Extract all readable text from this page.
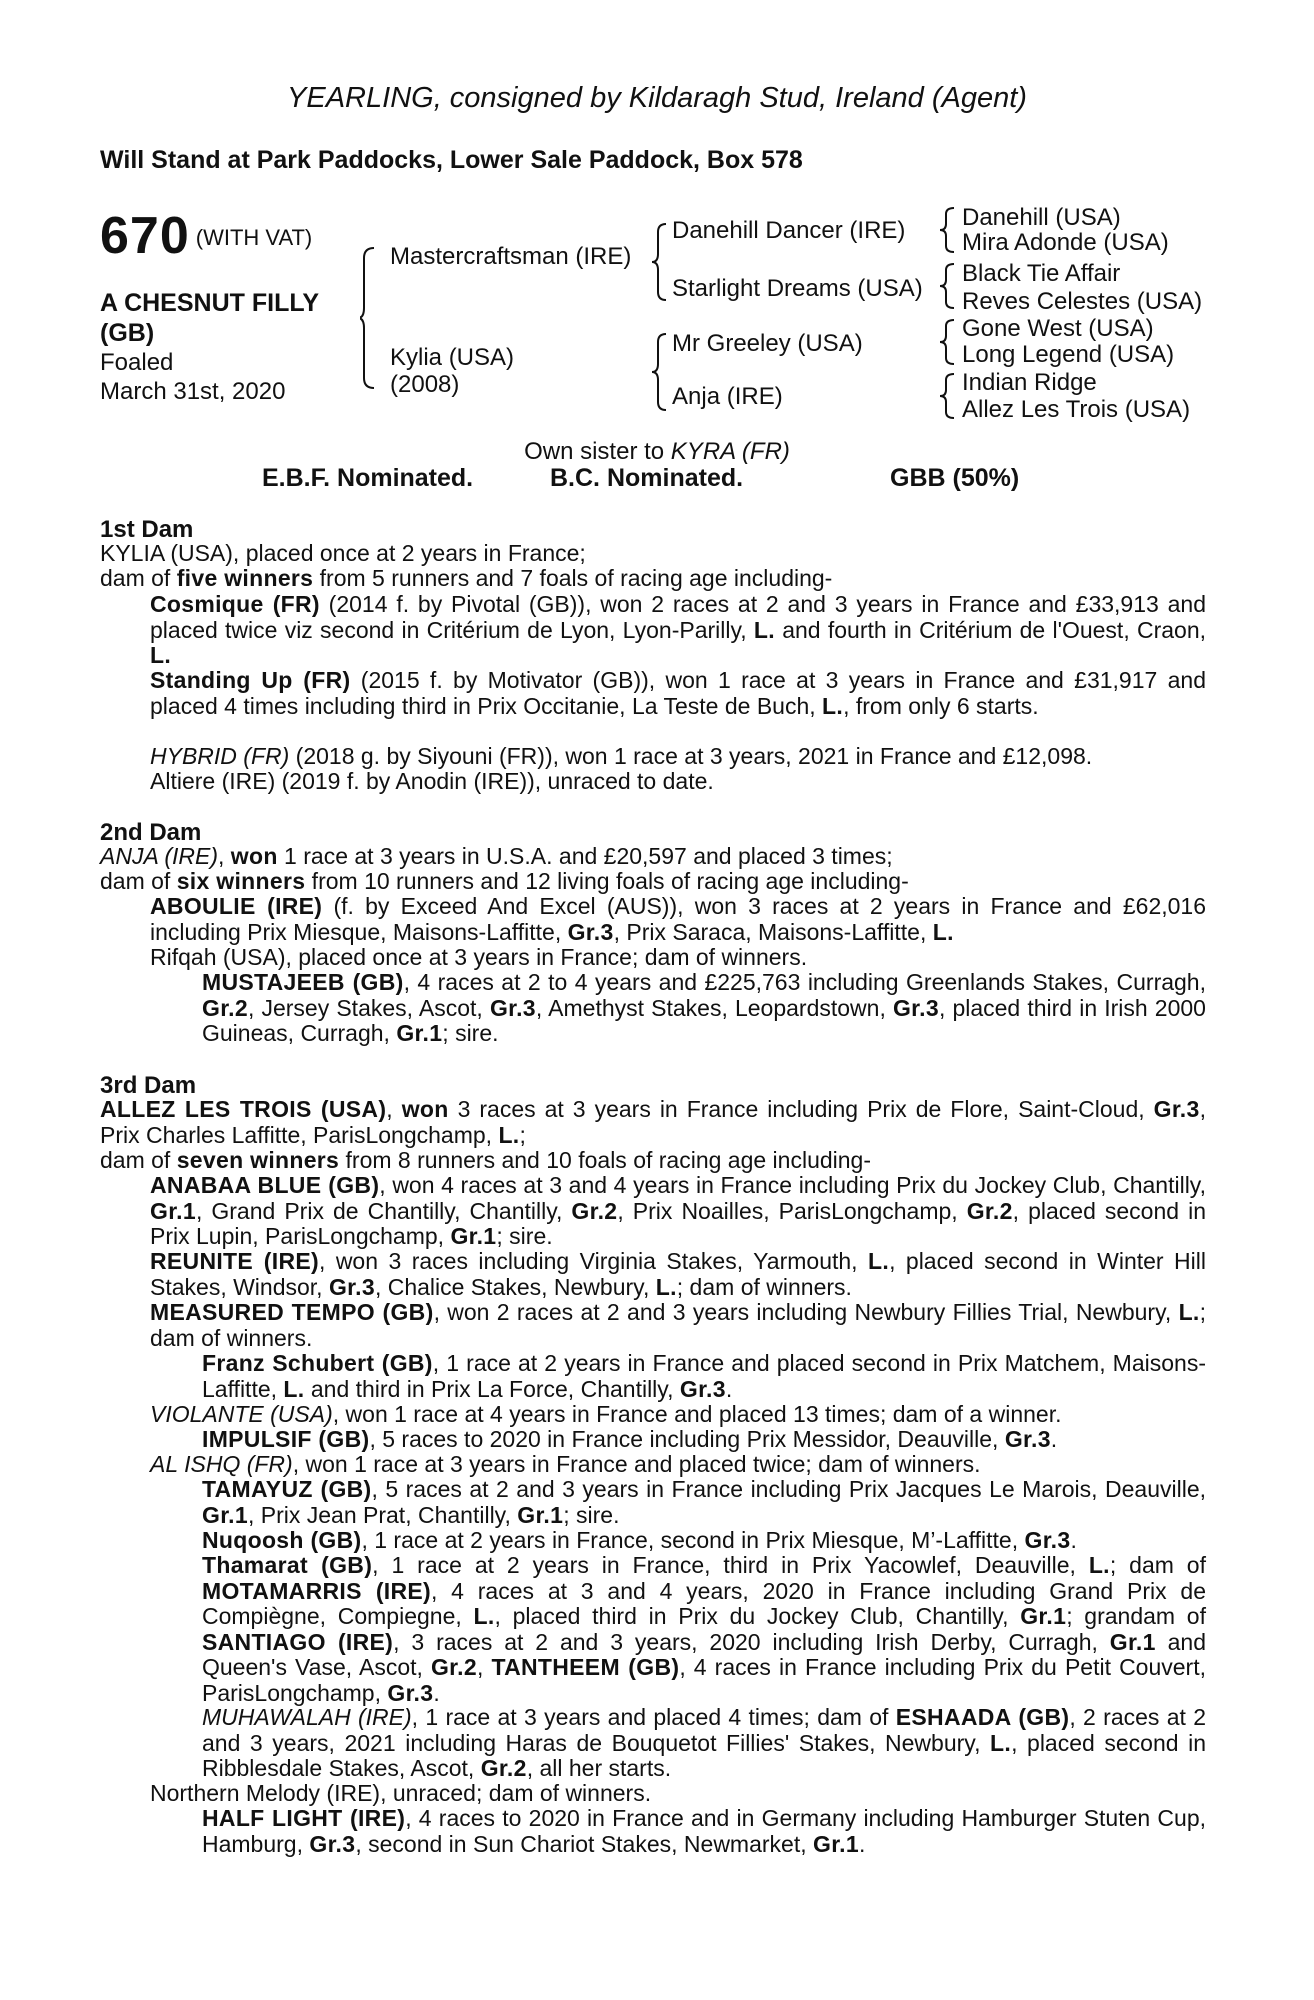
YEARLING, consigned by Kildaragh Stud, Ireland (Agent)
Will Stand at Park Paddocks, Lower Sale Paddock, Box 578
670 (WITH VAT)
A CHESNUT FILLY
(GB)
Foaled
March 31st, 2020
Mastercraftsman (IRE)
Kylia (USA)
(2008)
Danehill Dancer (IRE)
Starlight Dreams (USA)
Mr Greeley (USA)
Anja (IRE)
Danehill (USA)
Mira Adonde (USA)
Black Tie Affair
Reves Celestes (USA)
Gone West (USA)
Long Legend (USA)
Indian Ridge
Allez Les Trois (USA)
Own sister to KYRA (FR)
E.B.F. Nominated.	B.C. Nominated.	GBB (50%)
1st Dam
KYLIA (USA), placed once at 2 years in France;
dam of five winners from 5 runners and 7 foals of racing age including-
Cosmique (FR) (2014 f. by Pivotal (GB)), won 2 races at 2 and 3 years in France and £33,913 and placed twice viz second in Critérium de Lyon, Lyon-Parilly, L. and fourth in Critérium de l'Ouest, Craon, L.
Standing Up (FR) (2015 f. by Motivator (GB)), won 1 race at 3 years in France and £31,917 and placed 4 times including third in Prix Occitanie, La Teste de Buch, L., from only 6 starts.
HYBRID (FR) (2018 g. by Siyouni (FR)), won 1 race at 3 years, 2021 in France and £12,098.
Altiere (IRE) (2019 f. by Anodin (IRE)), unraced to date.
2nd Dam
ANJA (IRE), won 1 race at 3 years in U.S.A. and £20,597 and placed 3 times;
dam of six winners from 10 runners and 12 living foals of racing age including-
ABOULIE (IRE) (f. by Exceed And Excel (AUS)), won 3 races at 2 years in France and £62,016 including Prix Miesque, Maisons-Laffitte, Gr.3, Prix Saraca, Maisons-Laffitte, L.
Rifqah (USA), placed once at 3 years in France; dam of winners.
MUSTAJEEB (GB), 4 races at 2 to 4 years and £225,763 including Greenlands Stakes, Curragh, Gr.2, Jersey Stakes, Ascot, Gr.3, Amethyst Stakes, Leopardstown, Gr.3, placed third in Irish 2000 Guineas, Curragh, Gr.1; sire.
3rd Dam
ALLEZ LES TROIS (USA), won 3 races at 3 years in France including Prix de Flore, Saint-Cloud, Gr.3, Prix Charles Laffitte, ParisLongchamp, L.;
dam of seven winners from 8 runners and 10 foals of racing age including-
ANABAA BLUE (GB), won 4 races at 3 and 4 years in France including Prix du Jockey Club, Chantilly, Gr.1, Grand Prix de Chantilly, Chantilly, Gr.2, Prix Noailles, ParisLongchamp, Gr.2, placed second in Prix Lupin, ParisLongchamp, Gr.1; sire.
REUNITE (IRE), won 3 races including Virginia Stakes, Yarmouth, L., placed second in Winter Hill Stakes, Windsor, Gr.3, Chalice Stakes, Newbury, L.; dam of winners.
MEASURED TEMPO (GB), won 2 races at 2 and 3 years including Newbury Fillies Trial, Newbury, L.; dam of winners.
Franz Schubert (GB), 1 race at 2 years in France and placed second in Prix Matchem, Maisons-Laffitte, L. and third in Prix La Force, Chantilly, Gr.3.
VIOLANTE (USA), won 1 race at 4 years in France and placed 13 times; dam of a winner.
IMPULSIF (GB), 5 races to 2020 in France including Prix Messidor, Deauville, Gr.3.
AL ISHQ (FR), won 1 race at 3 years in France and placed twice; dam of winners.
TAMAYUZ (GB), 5 races at 2 and 3 years in France including Prix Jacques Le Marois, Deauville, Gr.1, Prix Jean Prat, Chantilly, Gr.1; sire.
Nuqoosh (GB), 1 race at 2 years in France, second in Prix Miesque, M’-Laffitte, Gr.3.
Thamarat (GB), 1 race at 2 years in France, third in Prix Yacowlef, Deauville, L.; dam of MOTAMARRIS (IRE), 4 races at 3 and 4 years, 2020 in France including Grand Prix de Compiègne, Compiegne, L., placed third in Prix du Jockey Club, Chantilly, Gr.1; grandam of SANTIAGO (IRE), 3 races at 2 and 3 years, 2020 including Irish Derby, Curragh, Gr.1 and Queen's Vase, Ascot, Gr.2, TANTHEEM (GB), 4 races in France including Prix du Petit Couvert, ParisLongchamp, Gr.3.
MUHAWALAH (IRE), 1 race at 3 years and placed 4 times; dam of ESHAADA (GB), 2 races at 2 and 3 years, 2021 including Haras de Bouquetot Fillies' Stakes, Newbury, L., placed second in Ribblesdale Stakes, Ascot, Gr.2, all her starts.
Northern Melody (IRE), unraced; dam of winners.
HALF LIGHT (IRE), 4 races to 2020 in France and in Germany including Hamburger Stuten Cup, Hamburg, Gr.3, second in Sun Chariot Stakes, Newmarket, Gr.1.
